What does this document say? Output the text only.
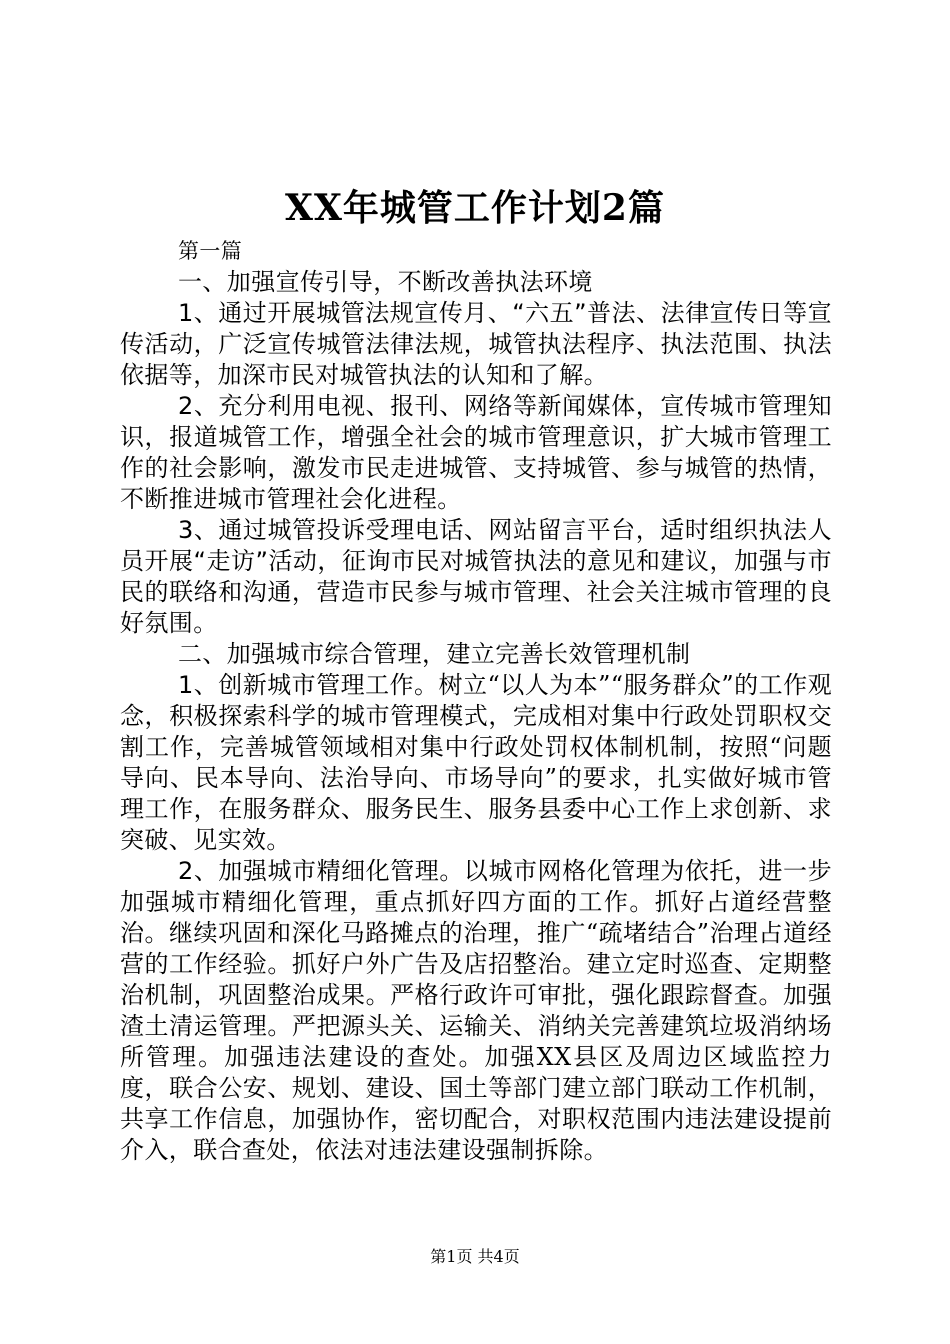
XX年城管工作计划2篇

第一篇

一、加强宣传引导，不断改善执法环境

1、通过开展城管法规宣传月、“六五”普法、法律宣传日等宣传活动，广泛宣传城管法律法规，城管执法程序、执法范围、执法依据等，加深市民对城管执法的认知和了解。

2、充分利用电视、报刊、网络等新闻媒体，宣传城市管理知识，报道城管工作，增强全社会的城市管理意识，扩大城市管理工作的社会影响，激发市民走进城管、支持城管、参与城管的热情，不断推进城市管理社会化进程。

3、通过城管投诉受理电话、网站留言平台，适时组织执法人员开展“走访”活动，征询市民对城管执法的意见和建议，加强与市民的联络和沟通，营造市民参与城市管理、社会关注城市管理的良好氛围。

二、加强城市综合管理，建立完善长效管理机制

1、创新城市管理工作。树立“以人为本”“服务群众”的工作观念，积极探索科学的城市管理模式，完成相对集中行政处罚职权交割工作，完善城管领域相对集中行政处罚权体制机制，按照“问题导向、民本导向、法治导向、市场导向”的要求，扎实做好城市管理工作，在服务群众、服务民生、服务县委中心工作上求创新、求突破、见实效。

2、加强城市精细化管理。以城市网格化管理为依托，进一步加强城市精细化管理，重点抓好四方面的工作。抓好占道经营整治。继续巩固和深化马路摊点的治理，推广“疏堵结合”治理占道经营的工作经验。抓好户外广告及店招整治。建立定时巡查、定期整治机制，巩固整治成果。严格行政许可审批，强化跟踪督查。加强渣土清运管理。严把源头关、运输关、消纳关完善建筑垃圾消纳场所管理。加强违法建设的查处。加强XX县区及周边区域监控力度，联合公安、规划、建设、国土等部门建立部门联动工作机制，共享工作信息，加强协作，密切配合，对职权范围内违法建设提前介入，联合查处，依法对违法建设强制拆除。

第1页 共4页
